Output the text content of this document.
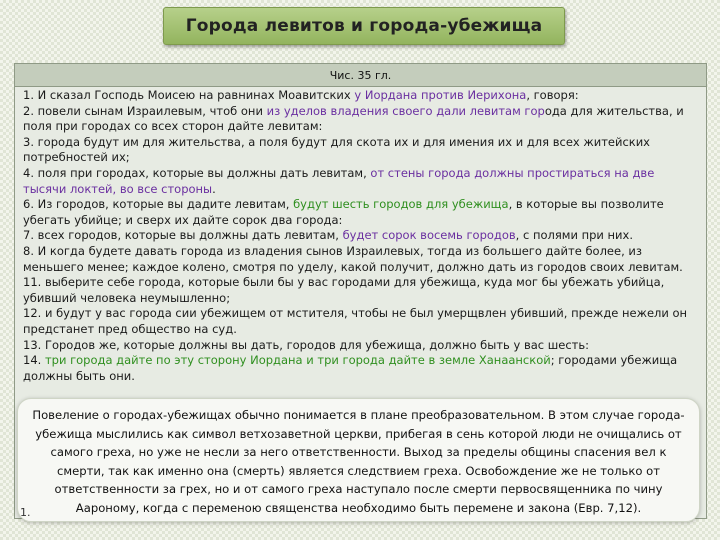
Города левитов и города-убежища
Чис. 35 гл.

1. И сказал Господь Моисею на равнинах Моавитских у Иордана против Иерихона, говоря:

2. повели сынам Израилевым, чтоб они из уделов владения своего дали левитам города для жительства, и поля при городах со всех сторон дайте левитам:

3. города будут им для жительства, а поля будут для скота их и для имения их и для всех житейских потребностей их;

4. поля при городах, которые вы должны дать левитам, от стены города должны простираться на две тысячи локтей, во все стороны.

6. Из городов, которые вы дадите левитам, будут шесть городов для убежища, в которые вы позволите убегать убийце; и сверх их дайте сорок два города:

7. всех городов, которые вы должны дать левитам, будет сорок восемь городов, с полями при них.

8. И когда будете давать города из владения сынов Израилевых, тогда из большего дайте более, из меньшего менее; каждое колено, смотря по уделу, какой получит, должно дать из городов своих левитам.

11. выберите себе города, которые были бы у вас городами для убежища, куда мог бы убежать убийца, убивший человека неумышленно;

12. и будут у вас города сии убежищем от мстителя, чтобы не был умерщвлен убивший, прежде нежели он предстанет пред общество на суд.

13. Городов же, которые должны вы дать, городов для убежища, должно быть у вас шесть:

14. три города дайте по эту сторону Иордана и три города дайте в земле Ханаанской; городами убежища должны быть они.

Повеление о городах-убежищах обычно понимается в плане преобразовательном. В этом случае города-убежища мыслились как символ ветхозаветной церкви, прибегая в сень которой люди не очищались от самого греха, но уже не несли за него ответственности. Выход за пределы общины спасения вел к смерти, так как именно она (смерть) является следствием греха. Освобождение же не только от ответственности за грех, но и от самого греха наступало после смерти первосвященника по чину Аароному, когда с переменою священства необходимо быть перемене и закона (Евр. 7,12).
1.
